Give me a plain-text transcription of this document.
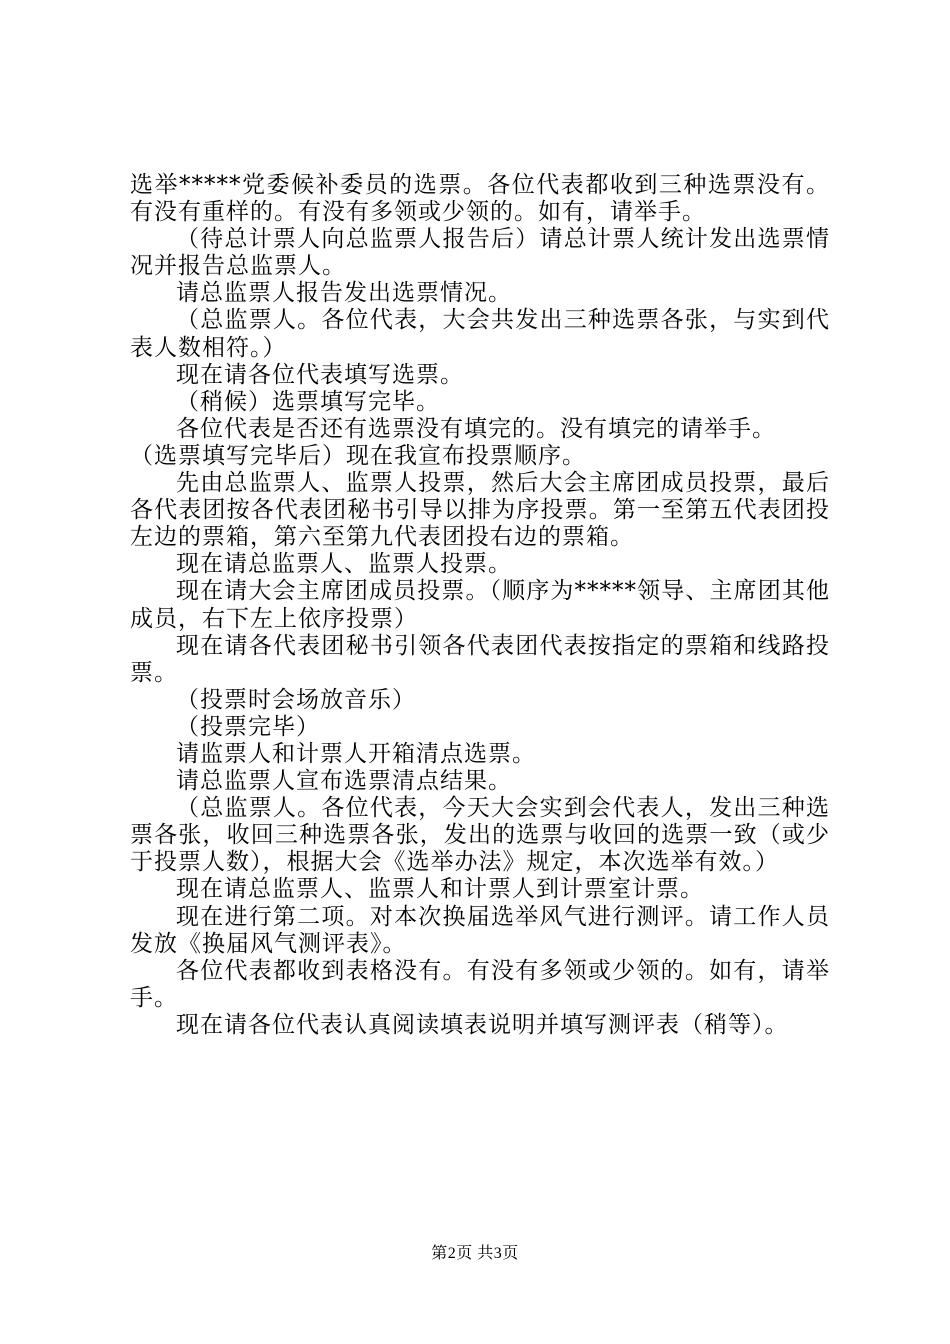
选举*****党委候补委员的选票。各位代表都收到三种选票没有。有没有重样的。有没有多领或少领的。如有，请举手。

（待总计票人向总监票人报告后）请总计票人统计发出选票情况并报告总监票人。

请总监票人报告发出选票情况。

（总监票人。各位代表，大会共发出三种选票各张，与实到代表人数相符。）

现在请各位代表填写选票。

（稍候）选票填写完毕。

各位代表是否还有选票没有填完的。没有填完的请举手。

（选票填写完毕后）现在我宣布投票顺序。

先由总监票人、监票人投票，然后大会主席团成员投票，最后各代表团按各代表团秘书引导以排为序投票。第一至第五代表团投左边的票箱，第六至第九代表团投右边的票箱。

现在请总监票人、监票人投票。

现在请大会主席团成员投票。（顺序为*****领导、主席团其他成员，右下左上依序投票）

现在请各代表团秘书引领各代表团代表按指定的票箱和线路投票。

（投票时会场放音乐）

（投票完毕）

请监票人和计票人开箱清点选票。

请总监票人宣布选票清点结果。

（总监票人。各位代表，今天大会实到会代表人，发出三种选票各张，收回三种选票各张，发出的选票与收回的选票一致（或少于投票人数），根据大会《选举办法》规定，本次选举有效。）

现在请总监票人、监票人和计票人到计票室计票。

现在进行第二项。对本次换届选举风气进行测评。请工作人员发放《换届风气测评表》。

各位代表都收到表格没有。有没有多领或少领的。如有，请举手。

现在请各位代表认真阅读填表说明并填写测评表（稍等）。

第2页 共3页
